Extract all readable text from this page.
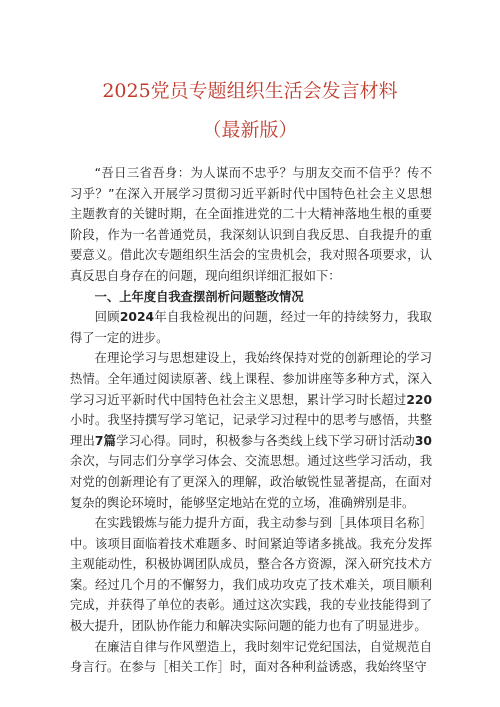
2025党员专题组织生活会发言材料
（最新版）

“吾日三省吾身：为人谋而不忠乎？与朋友交而不信乎？传不习乎？”在深入开展学习贯彻习近平新时代中国特色社会主义思想主题教育的关键时期，在全面推进党的二十大精神落地生根的重要阶段，作为一名普通党员，我深刻认识到自我反思、自我提升的重要意义。借此次专题组织生活会的宝贵机会，我对照各项要求，认真反思自身存在的问题，现向组织详细汇报如下：

一、上年度自我查摆剖析问题整改情况

回顾2024年自我检视出的问题，经过一年的持续努力，我取得了一定的进步。

在理论学习与思想建设上，我始终保持对党的创新理论的学习热情。全年通过阅读原著、线上课程、参加讲座等多种方式，深入学习习近平新时代中国特色社会主义思想，累计学习时长超过220小时。我坚持撰写学习笔记，记录学习过程中的思考与感悟，共整理出7篇学习心得。同时，积极参与各类线上线下学习研讨活动30余次，与同志们分享学习体会、交流思想。通过这些学习活动，我对党的创新理论有了更深入的理解，政治敏锐性显著提高，在面对复杂的舆论环境时，能够坚定地站在党的立场，准确辨别是非。

在实践锻炼与能力提升方面，我主动参与到［具体项目名称］中。该项目面临着技术难题多、时间紧迫等诸多挑战。我充分发挥主观能动性，积极协调团队成员，整合各方资源，深入研究技术方案。经过几个月的不懈努力，我们成功攻克了技术难关，项目顺利完成，并获得了单位的表彰。通过这次实践，我的专业技能得到了极大提升，团队协作能力和解决实际问题的能力也有了明显进步。

在廉洁自律与作风塑造上，我时刻牢记党纪国法，自觉规范自身言行。在参与［相关工作］时，面对各种利益诱惑，我始终坚守
